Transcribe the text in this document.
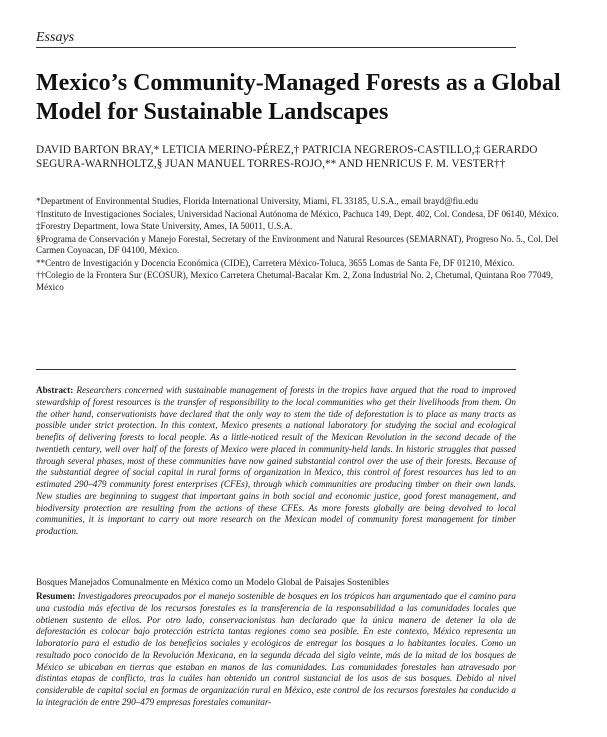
Essays
Mexico’s Community-Managed Forests as a Global Model for Sustainable Landscapes

DAVID BARTON BRAY,* LETICIA MERINO-PÉREZ,† PATRICIA NEGREROS-CASTILLO,‡ GERARDO SEGURA-WARNHOLTZ,§ JUAN MANUEL TORRES-ROJO,** AND HENRICUS F. M. VESTER††

*Department of Environmental Studies, Florida International University, Miami, FL 33185, U.S.A., email brayd@fiu.edu

†Instituto de Investigaciones Sociales, Universidad Nacional Autónoma de México, Pachuca 149, Dept. 402, Col. Condesa, DF 06140, México.

‡Forestry Department, Iowa State University, Ames, IA 50011, U.S.A.

§Programa de Conservación y Manejo Forestal, Secretary of the Environment and Natural Resources (SEMARNAT), Progreso No. 5., Col. Del Carmen Coyoacan, DF 04100, México.

**Centro de Investigación y Docencia Económica (CIDE), Carretera México-Toluca, 3655 Lomas de Santa Fe, DF 01210, México.

††Colegio de la Frontera Sur (ECOSUR), Mexico Carretera Chetumal-Bacalar Km. 2, Zona Industrial No. 2, Chetumal, Quintana Roo 77049, México

Abstract: Researchers concerned with sustainable management of forests in the tropics have argued that the road to improved stewardship of forest resources is the transfer of responsibility to the local communities who get their livelihoods from them. On the other hand, conservationists have declared that the only way to stem the tide of deforestation is to place as many tracts as possible under strict protection. In this context, Mexico presents a national laboratory for studying the social and ecological benefits of delivering forests to local people. As a little-noticed result of the Mexican Revolution in the second decade of the twentieth century, well over half of the forests of Mexico were placed in community-held lands. In historic struggles that passed through several phases, most of these communities have now gained substantial control over the use of their forests. Because of the substantial degree of social capital in rural forms of organization in Mexico, this control of forest resources has led to an estimated 290–479 community forest enterprises (CFEs), through which communities are producing timber on their own lands. New studies are beginning to suggest that important gains in both social and economic justice, good forest management, and biodiversity protection are resulting from the actions of these CFEs. As more forests globally are being devolved to local communities, it is important to carry out more research on the Mexican model of community forest management for timber production.

Bosques Manejados Comunalmente en México como un Modelo Global de Paisajes Sostenibles

Resumen: Investigadores preocupados por el manejo sostenible de bosques en los trópicos han argumentado que el camino para una custodia más efectiva de los recursos forestales es la transferencia de la responsabilidad a las comunidades locales que obtienen sustento de ellos. Por otro lado, conservacionistas han declarado que la única manera de detener la ola de deforestación es colocar bajo protección estricta tantas regiones como sea posible. En este contexto, México representa un laboratorio para el estudio de los beneficios sociales y ecológicos de entregar los bosques a lo habitantes locales. Como un resultado poco conocido de la Revolución Mexicana, en la segunda década del siglo veinte, más de la mitad de los bosques de México se ubicaban en tierras que estaban en manos de las comunidades. Las comunidades forestales han atravesado por distintas etapas de conflicto, tras la cuáles han obtenido un control sustancial de los usos de sus bosques. Debido al nivel considerable de capital social en formas de organización rural en México, este control de los recursos forestales ha conducido a la integración de entre 290–479 empresas forestales comunitar-
